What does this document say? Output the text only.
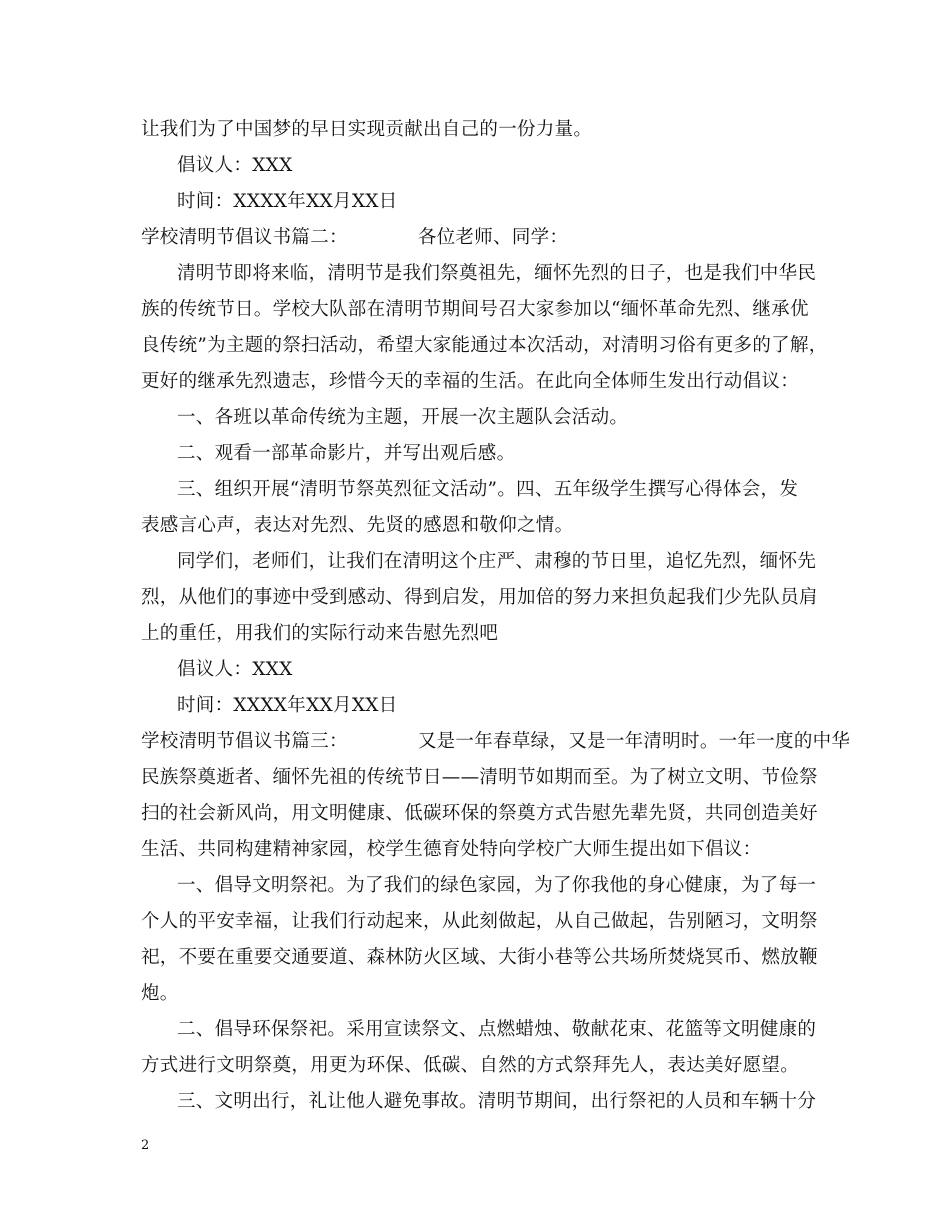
让我们为了中国梦的早日实现贡献出自己的一份力量。
倡议人：XXX
时间：XXXX年XX月XX日
学校清明节倡议书篇二：	各位老师、同学：
清明节即将来临，清明节是我们祭奠祖先，缅怀先烈的日子，也是我们中华民
族的传统节日。学校大队部在清明节期间号召大家参加以“缅怀革命先烈、继承优
良传统”为主题的祭扫活动，希望大家能通过本次活动，对清明习俗有更多的了解，
更好的继承先烈遗志，珍惜今天的幸福的生活。在此向全体师生发出行动倡议：
一、各班以革命传统为主题，开展一次主题队会活动。
二、观看一部革命影片，并写出观后感。
三、组织开展“清明节祭英烈征文活动”。四、五年级学生撰写心得体会，发
表感言心声，表达对先烈、先贤的感恩和敬仰之情。
同学们，老师们，让我们在清明这个庄严、肃穆的节日里，追忆先烈，缅怀先
烈，从他们的事迹中受到感动、得到启发，用加倍的努力来担负起我们少先队员肩
上的重任，用我们的实际行动来告慰先烈吧
倡议人：XXX
时间：XXXX年XX月XX日
学校清明节倡议书篇三：	又是一年春草绿，又是一年清明时。一年一度的中华
民族祭奠逝者、缅怀先祖的传统节日——清明节如期而至。为了树立文明、节俭祭
扫的社会新风尚，用文明健康、低碳环保的祭奠方式告慰先辈先贤，共同创造美好
生活、共同构建精神家园，校学生德育处特向学校广大师生提出如下倡议：
一、倡导文明祭祀。为了我们的绿色家园，为了你我他的身心健康，为了每一
个人的平安幸福，让我们行动起来，从此刻做起，从自己做起，告别陋习，文明祭
祀，不要在重要交通要道、森林防火区域、大街小巷等公共场所焚烧冥币、燃放鞭
炮。
二、倡导环保祭祀。采用宣读祭文、点燃蜡烛、敬献花束、花篮等文明健康的
方式进行文明祭奠，用更为环保、低碳、自然的方式祭拜先人，表达美好愿望。
三、文明出行，礼让他人避免事故。清明节期间，出行祭祀的人员和车辆十分
2
